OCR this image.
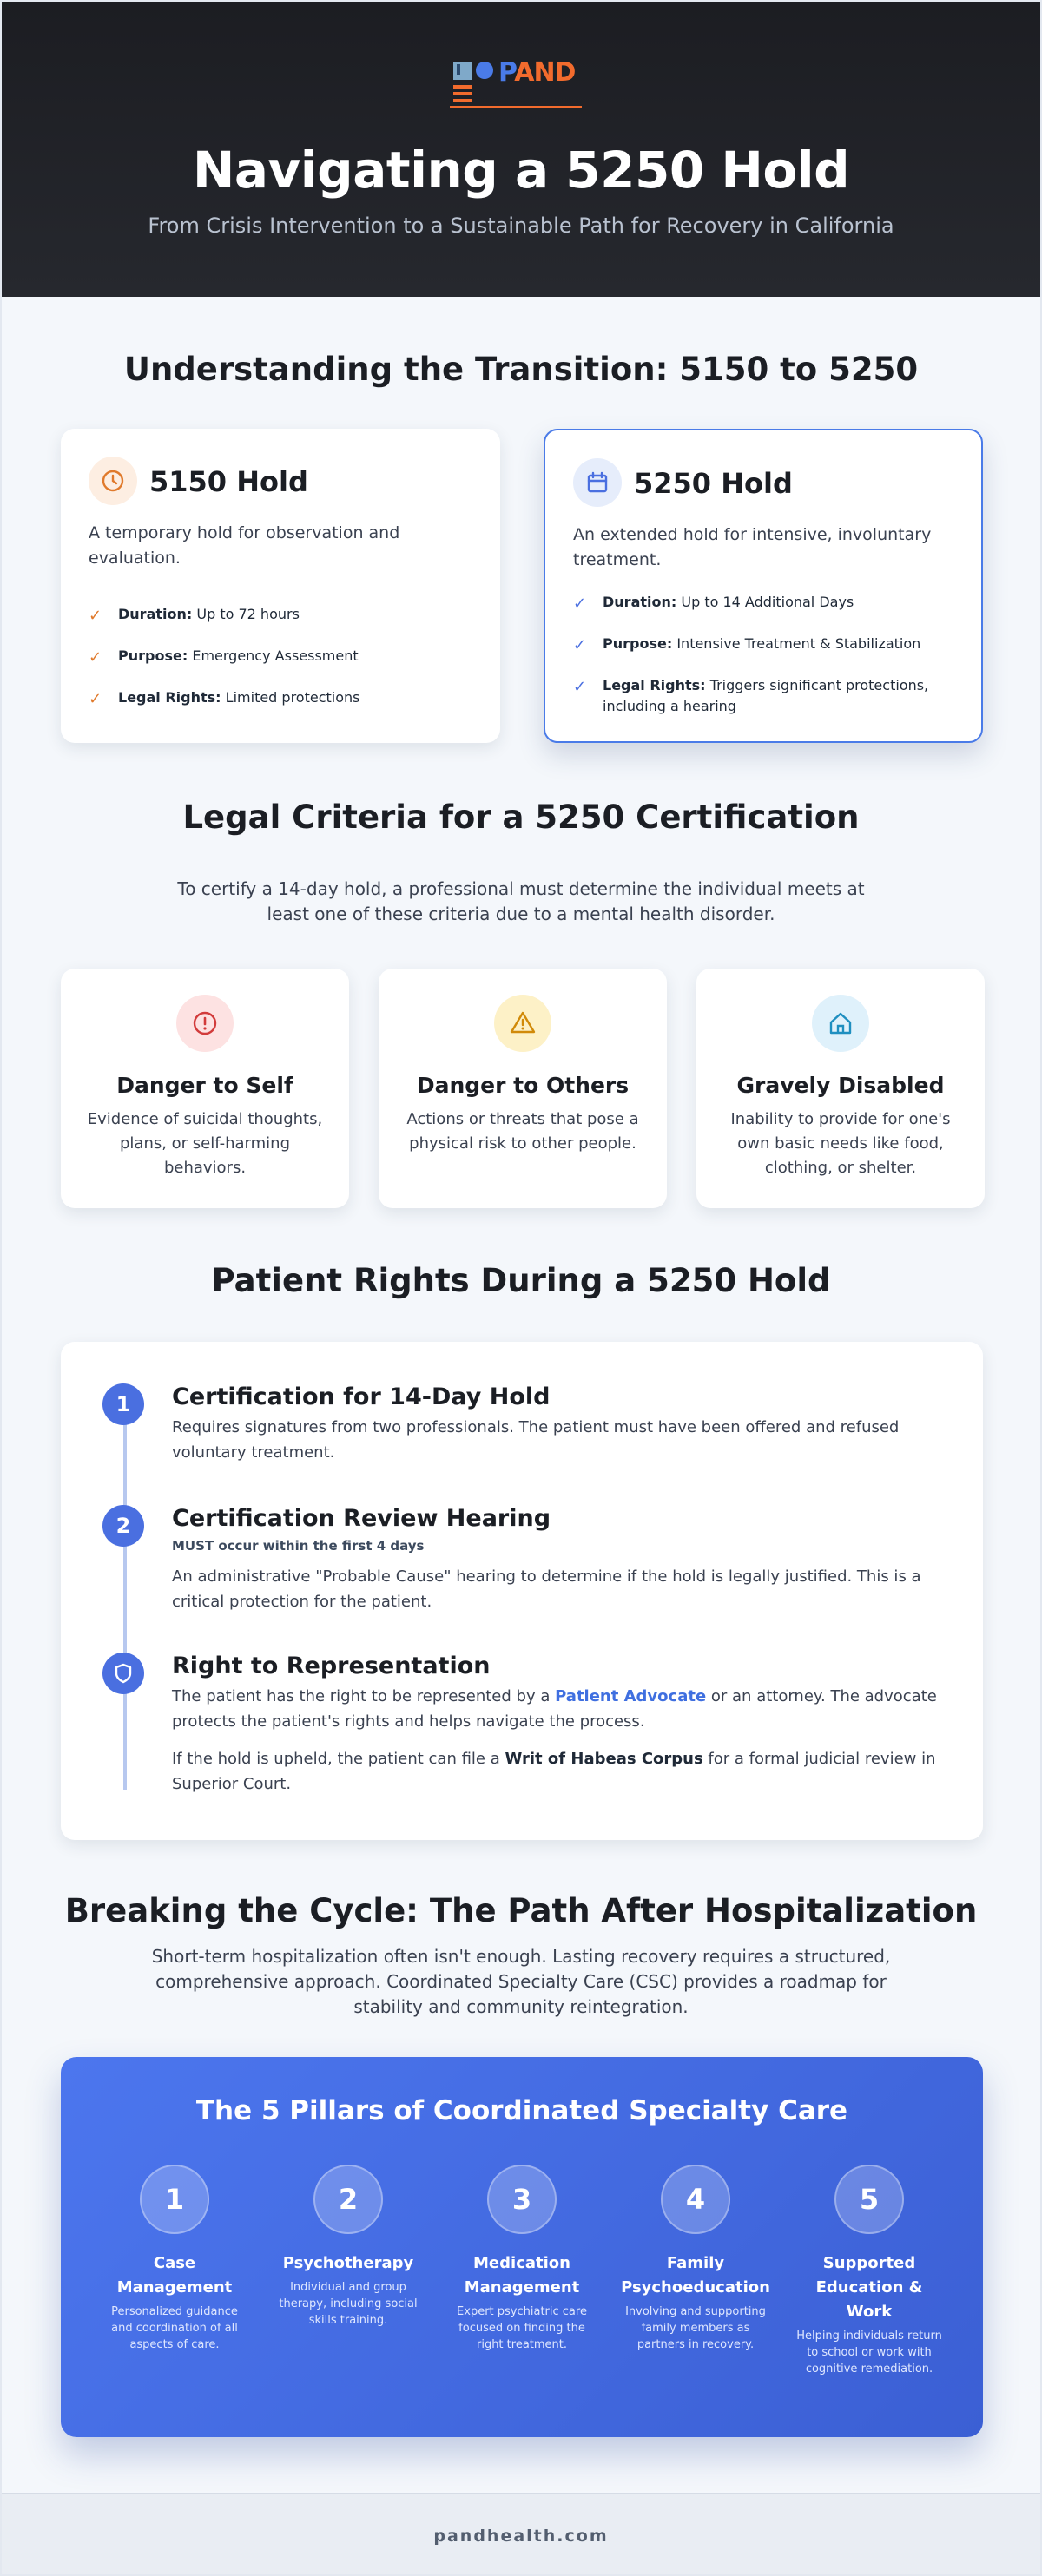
PAND
Navigating a 5250 Hold
From Crisis Intervention to a Sustainable Path for Recovery in California
Understanding the Transition: 5150 to 5250
5150 Hold
A temporary hold for observation and evaluation.
✓ Duration: Up to 72 hours
✓ Purpose: Emergency Assessment
✓ Legal Rights: Limited protections
5250 Hold
An extended hold for intensive, involuntary treatment.
✓ Duration: Up to 14 Additional Days
✓ Purpose: Intensive Treatment & Stabilization
✓ Legal Rights: Triggers significant protections, including a hearing
Legal Criteria for a 5250 Certification
To certify a 14-day hold, a professional must determine the individual meets at least one of these criteria due to a mental health disorder.
Danger to Self

Evidence of suicidal thoughts, plans, or self-harming behaviors.

Danger to Others

Actions or threats that pose a physical risk to other people.

Gravely Disabled

Inability to provide for one's own basic needs like food, clothing, or shelter.

Patient Rights During a 5250 Hold
1	Certification for 14-Day Hold

Requires signatures from two professionals. The patient must have been offered and refused voluntary treatment.

2	Certification Review Hearing
MUST occur within the first 4 days

An administrative "Probable Cause" hearing to determine if the hold is legally justified. This is a critical protection for the patient.

Right to Representation

The patient has the right to be represented by a Patient Advocate or an attorney. The advocate protects the patient's rights and helps navigate the process.

If the hold is upheld, the patient can file a Writ of Habeas Corpus for a formal judicial review in Superior Court.

Breaking the Cycle: The Path After Hospitalization
Short-term hospitalization often isn't enough. Lasting recovery requires a structured, comprehensive approach. Coordinated Specialty Care (CSC) provides a roadmap for stability and community reintegration.
The 5 Pillars of Coordinated Specialty Care
1
Case Management
Personalized guidance and coordination of all aspects of care.
2
Psychotherapy
Individual and group therapy, including social skills training.
3
Medication Management
Expert psychiatric care focused on finding the right treatment.
4
Family Psychoeducation
Involving and supporting family members as partners in recovery.
5
Supported Education & Work
Helping individuals return to school or work with cognitive remediation.
pandhealth.com
